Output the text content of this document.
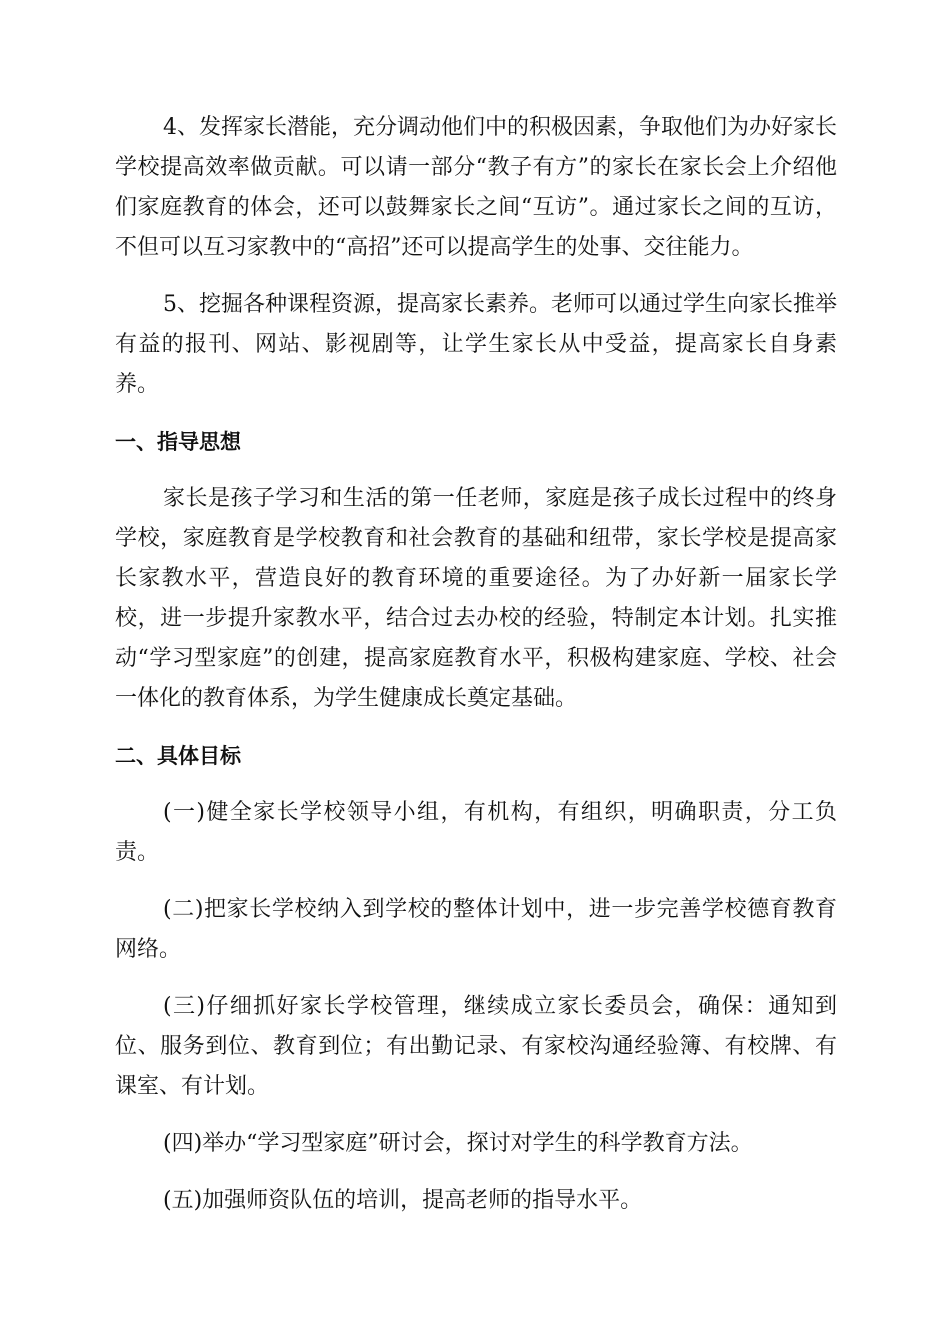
4、发挥家长潜能，充分调动他们中的积极因素，争取他们为办好家长学校提高效率做贡献。可以请一部分“教子有方”的家长在家长会上介绍他们家庭教育的体会，还可以鼓舞家长之间“互访”。通过家长之间的互访，不但可以互习家教中的“高招”还可以提高学生的处事、交往能力。

5、挖掘各种课程资源，提高家长素养。老师可以通过学生向家长推举有益的报刊、网站、影视剧等，让学生家长从中受益，提高家长自身素养。

一、指导思想

家长是孩子学习和生活的第一任老师，家庭是孩子成长过程中的终身学校，家庭教育是学校教育和社会教育的基础和纽带，家长学校是提高家长家教水平，营造良好的教育环境的重要途径。为了办好新一届家长学校，进一步提升家教水平，结合过去办校的经验，特制定本计划。扎实推动“学习型家庭”的创建，提高家庭教育水平，积极构建家庭、学校、社会一体化的教育体系，为学生健康成长奠定基础。

二、具体目标

(一)健全家长学校领导小组，有机构，有组织，明确职责，分工负责。

(二)把家长学校纳入到学校的整体计划中，进一步完善学校德育教育网络。

(三)仔细抓好家长学校管理，继续成立家长委员会，确保：通知到位、服务到位、教育到位；有出勤记录、有家校沟通经验簿、有校牌、有课室、有计划。

(四)举办“学习型家庭”研讨会，探讨对学生的科学教育方法。

(五)加强师资队伍的培训，提高老师的指导水平。
